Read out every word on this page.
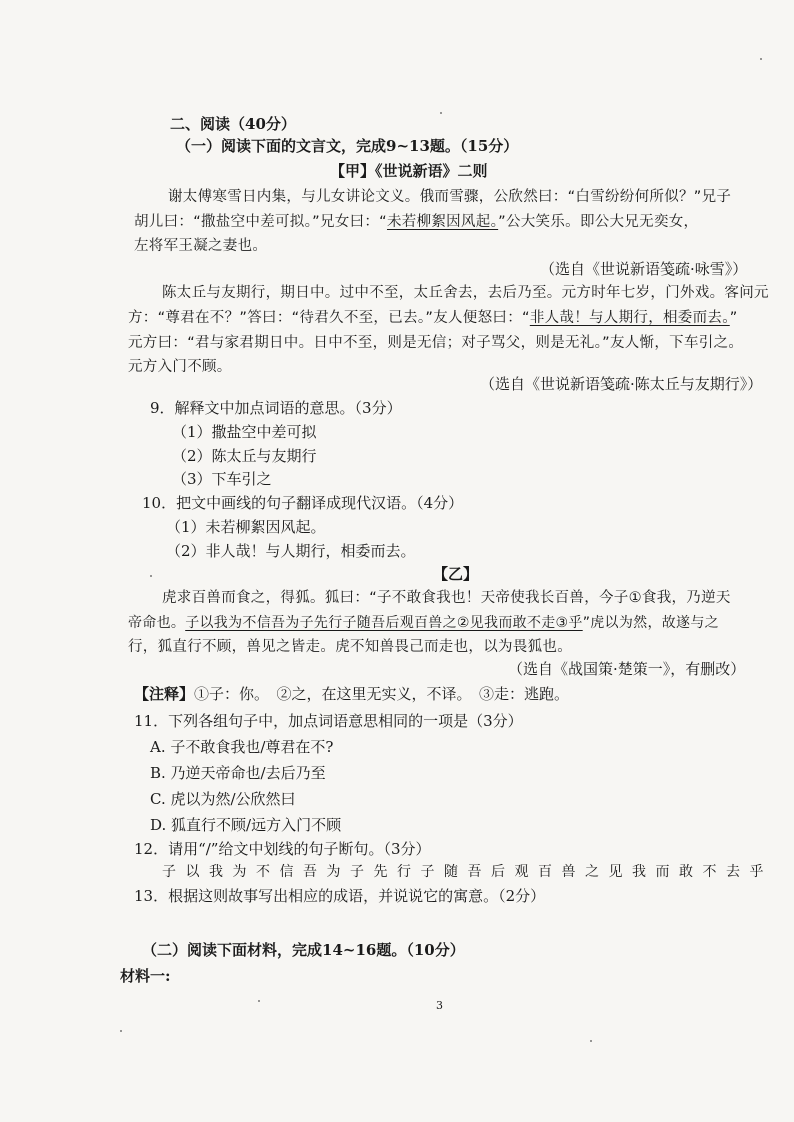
二、阅读（40分）
（一）阅读下面的文言文，完成9~13题。（15分）
【甲】《世说新语》二则
谢太傅寒雪日内集，与儿女讲论文义。俄而雪骤，公欣然曰：“白雪纷纷何所似？”兄子
胡儿曰：“撒盐空中差可拟。”兄女曰：“未若柳絮因风起。”公大笑乐。即公大兄无奕女，
左将军王凝之妻也。
（选自《世说新语笺疏·咏雪》）
陈太丘与友期行，期日中。过中不至，太丘舍去，去后乃至。元方时年七岁，门外戏。客问元
方：“尊君在不？”答曰：“待君久不至，已去。”友人便怒曰：“非人哉！与人期行，相委而去。”
元方曰：“君与家君期日中。日中不至，则是无信；对子骂父，则是无礼。”友人惭，下车引之。
元方入门不顾。
（选自《世说新语笺疏·陈太丘与友期行》）
9．解释文中加点词语的意思。（3分）
（1）撒盐空中差可拟
（2）陈太丘与友期行
（3）下车引之
10．把文中画线的句子翻译成现代汉语。（4分）
（1）未若柳絮因风起。
（2）非人哉！与人期行，相委而去。
【乙】
虎求百兽而食之，得狐。狐曰：“子不敢食我也！天帝使我长百兽，今子①食我，乃逆天
帝命也。子以我为不信吾为子先行子随吾后观百兽之②见我而敢不走③乎”虎以为然，故遂与之
行，狐直行不顾，兽见之皆走。虎不知兽畏己而走也，以为畏狐也。
（选自《战国策·楚策一》，有删改）
【注释】①子：你。　②之，在这里无实义，不译。　③走：逃跑。
11．下列各组句子中，加点词语意思相同的一项是（3分）
A. 子不敢食我也/尊君在不?
B. 乃逆天帝命也/去后乃至
C. 虎以为然/公欣然曰
D. 狐直行不顾/远方入门不顾
12．请用“/”给文中划线的句子断句。（3分）
子以我为不信吾为子先行子随吾后观百兽之见我而敢不去乎
13．根据这则故事写出相应的成语，并说说它的寓意。（2分）
（二）阅读下面材料，完成14~16题。（10分）
材料一:
3
